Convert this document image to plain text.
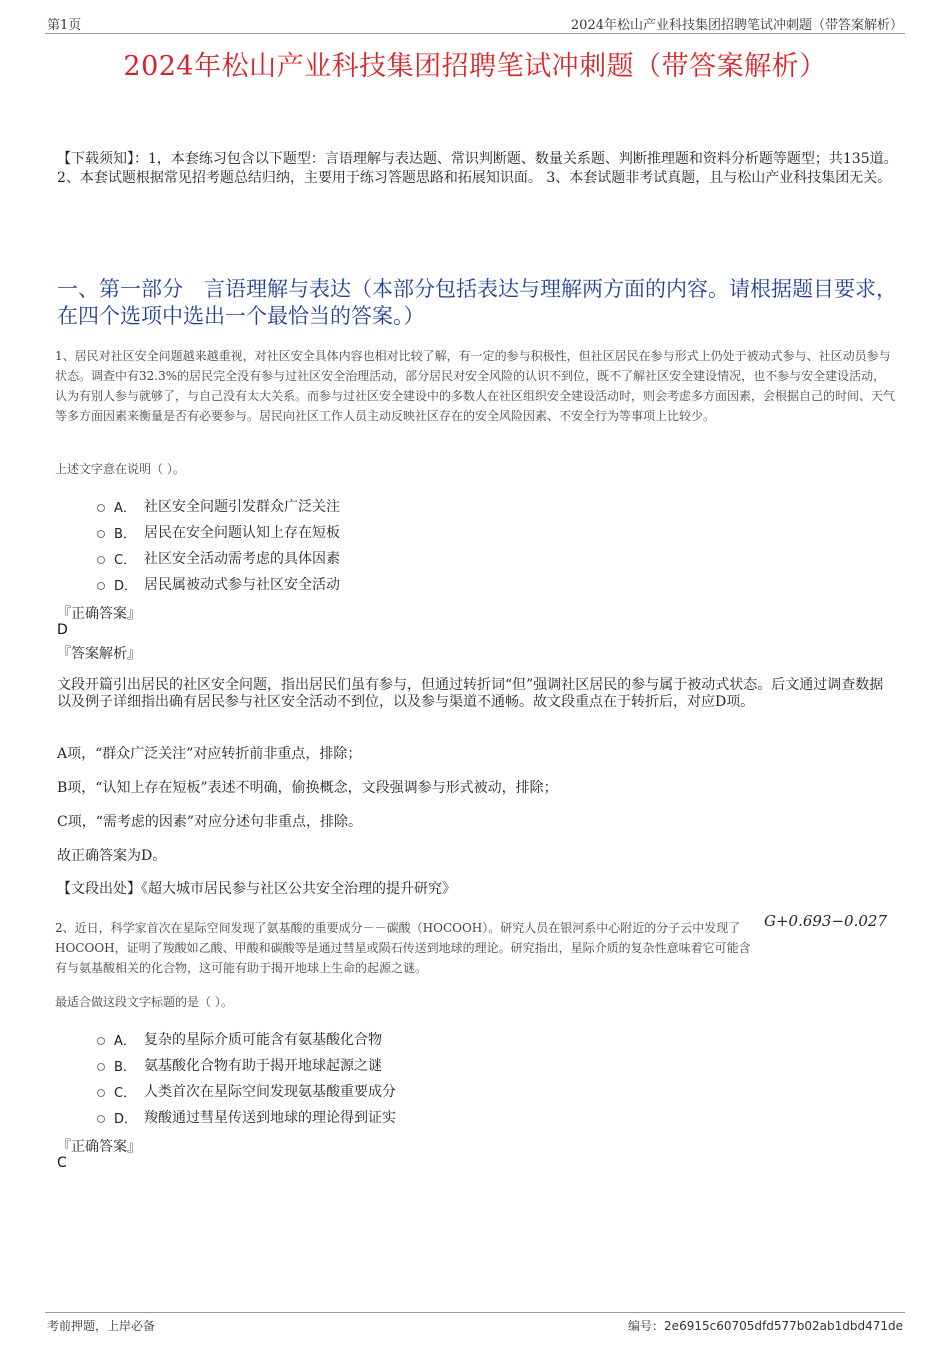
第1页	2024年松山产业科技集团招聘笔试冲刺题（带答案解析）
2024年松山产业科技集团招聘笔试冲刺题（带答案解析）
【下载须知】：1，本套练习包含以下题型：言语理解与表达题、常识判断题、数量关系题、判断推理题和资料分析题等题型；共135道。 2、本套试题根据常见招考题总结归纳，主要用于练习答题思路和拓展知识面。 3、本套试题非考试真题，且与松山产业科技集团无关。
一、第一部分　言语理解与表达（本部分包括表达与理解两方面的内容。请根据题目要求，在四个选项中选出一个最恰当的答案。）
1、居民对社区安全问题越来越重视，对社区安全具体内容也相对比较了解，有一定的参与积极性，但社区居民在参与形式上仍处于被动式参与、社区动员参与状态。调查中有32.3%的居民完全没有参与过社区安全治理活动，部分居民对安全风险的认识不到位，既不了解社区安全建设情况，也不参与安全建设活动，认为有别人参与就够了，与自己没有太大关系。而参与过社区安全建设中的多数人在社区组织安全建设活动时，则会考虑多方面因素，会根据自己的时间、天气等多方面因素来衡量是否有必要参与。居民向社区工作人员主动反映社区存在的安全风险因素、不安全行为等事项上比较少。
上述文字意在说明（ ）。
A． 社区安全问题引发群众广泛关注
B． 居民在安全问题认知上存在短板
C． 社区安全活动需考虑的具体因素
D． 居民属被动式参与社区安全活动
『正确答案』
D
『答案解析』
文段开篇引出居民的社区安全问题，指出居民们虽有参与，但通过转折词“但”强调社区居民的参与属于被动式状态。后文通过调查数据以及例子详细指出确有居民参与社区安全活动不到位，以及参与渠道不通畅。故文段重点在于转折后，对应D项。
A项，“群众广泛关注”对应转折前非重点，排除；
B项，“认知上存在短板”表述不明确，偷换概念，文段强调参与形式被动，排除；
C项，“需考虑的因素”对应分述句非重点，排除。
故正确答案为D。
【文段出处】《超大城市居民参与社区公共安全治理的提升研究》
2、近日，科学家首次在星际空间发现了氨基酸的重要成分－－碳酸（HOCOOH）。研究人员在银河系中心附近的分子云中发现了HOCOOH，证明了羧酸如乙酸、甲酸和碳酸等是通过彗星或陨石传送到地球的理论。研究指出，星际介质的复杂性意味着它可能含有与氨基酸相关的化合物，这可能有助于揭开地球上生命的起源之谜。
G+0.693−0.027
最适合做这段文字标题的是（ ）。
A． 复杂的星际介质可能含有氨基酸化合物
B． 氨基酸化合物有助于揭开地球起源之谜
C． 人类首次在星际空间发现氨基酸重要成分
D． 羧酸通过彗星传送到地球的理论得到证实
『正确答案』
C
考前押题，上岸必备	编号：2e6915c60705dfd577b02ab1dbd471de
